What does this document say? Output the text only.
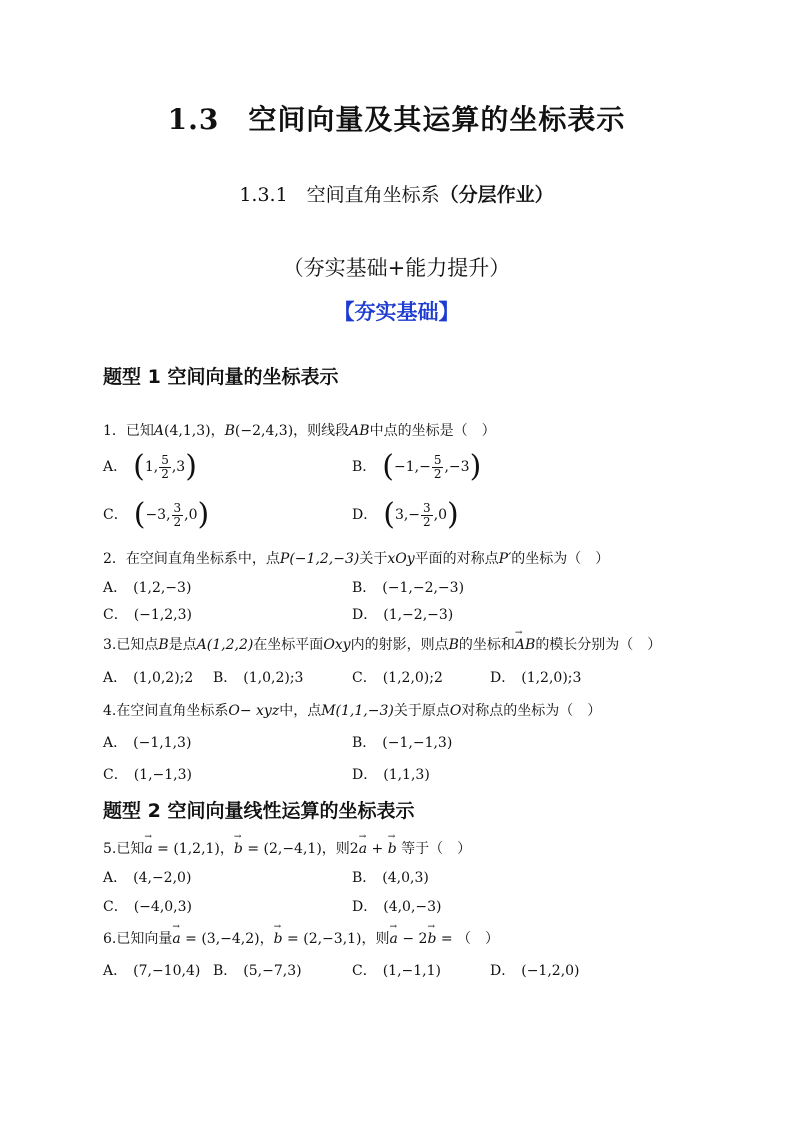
1.3　空间向量及其运算的坐标表示
1.3.1　空间直角坐标系（分层作业）
（夯实基础+能力提升）
【夯实基础】
题型 1 空间向量的坐标表示
1．已知A(4,1,3)，B(−2,4,3)，则线段AB中点的坐标是（　）
A． (1, $\frac{5}{2} ,3$)	B． $(-1,- \frac{5}{2} ,-3)$
C． (−3, $\frac{3}{2} ,0$)	D． $(3,- \frac{3}{2} ,0)$
2．在空间直角坐标系中，点P(−1,2,−3)关于xOy平面的对称点P′的坐标为（　）
A． (1,2,−3)	B． (−1,−2,−3)
C． (−1,2,3)	D． (1,−2,−3)
3.已知点B是点A(1,2,2)在坐标平面Oxy内的射影，则点B的坐标和→ AB的模长分别为（　）
A． (1,0,2);2 B． (1,0,2);3	C． (1,2,0);2	D． (1,2,0);3
4.在空间直角坐标系O− xyz中，点M(1,1,−3)关于原点O对称点的坐标为（　）
A． (−1,1,3)	B． (−1,−1,3)
C． (1,−1,3)	D． (1,1,3)
题型 2 空间向量线性运算的坐标表示
5.已知→ a = (1,2,1)，→ b = (2,−4,1)，则2→ a + → b 等于（　）
A． (4,−2,0)	B． (4,0,3)
C． (−4,0,3)	D． (4,0,−3)
6.已知向量→ a = (3,−4,2)，→ b = (2,−3,1)，则→ a − 2→ b = （　）
A． (7,−10,4) B． (5,−7,3)	C． (1,−1,1)	D． (−1,2,0)
